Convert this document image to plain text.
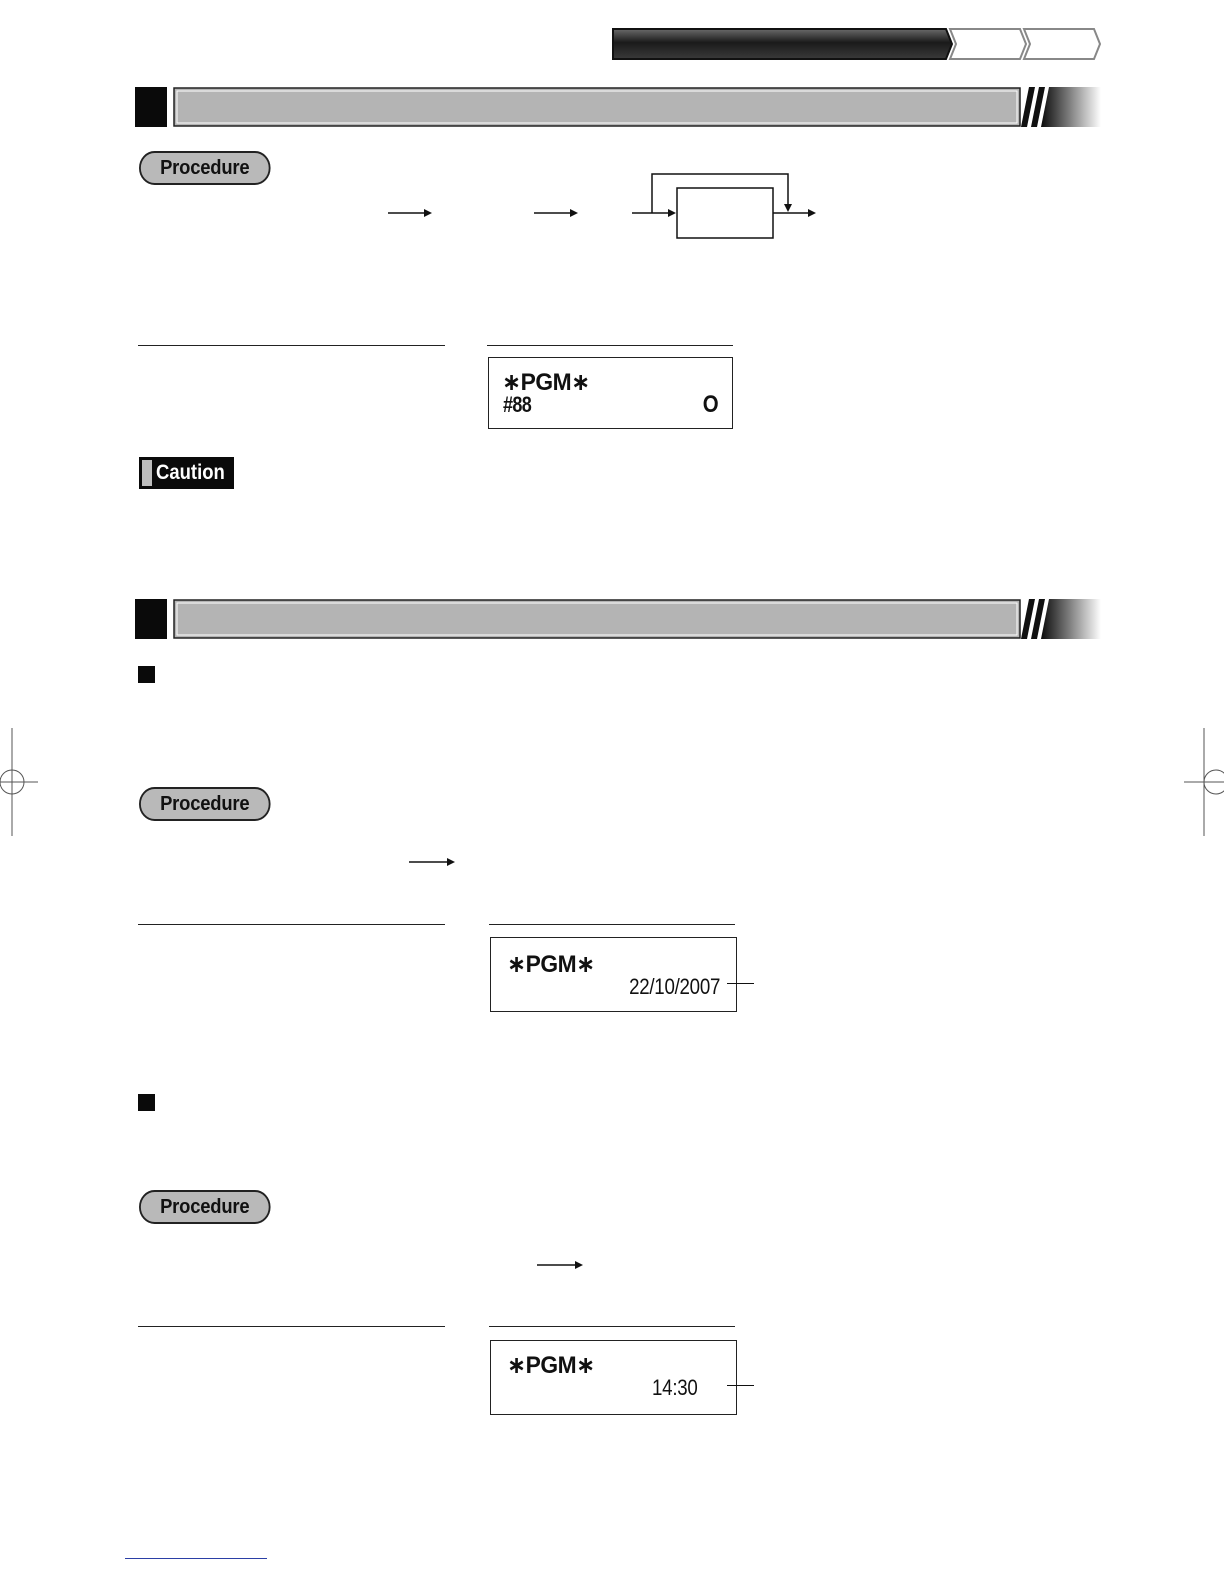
Procedure
∗PGM∗
#88	O
Caution
Procedure
∗PGM∗
22/10/2007
Procedure
∗PGM∗
14:30
